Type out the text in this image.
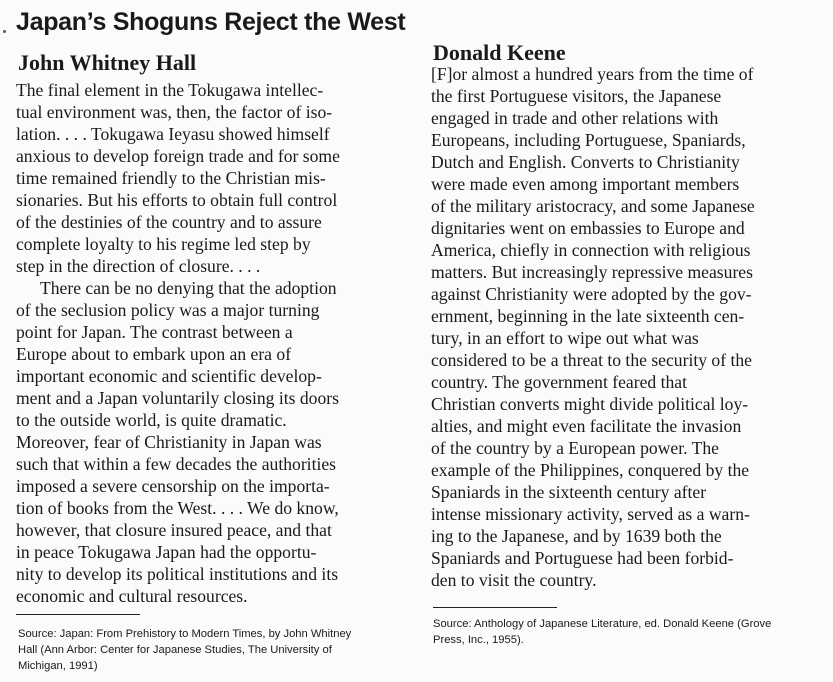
Japan’s Shoguns Reject the West
John Whitney Hall
The final element in the Tokugawa intellec-
tual environment was, then, the factor of iso-
lation. . . . Tokugawa Ieyasu showed himself
anxious to develop foreign trade and for some
time remained friendly to the Christian mis-
sionaries. But his efforts to obtain full control
of the destinies of the country and to assure
complete loyalty to his regime led step by
step in the direction of closure. . . .
There can be no denying that the adoption
of the seclusion policy was a major turning
point for Japan. The contrast between a
Europe about to embark upon an era of
important economic and scientific develop-
ment and a Japan voluntarily closing its doors
to the outside world, is quite dramatic.
Moreover, fear of Christianity in Japan was
such that within a few decades the authorities
imposed a severe censorship on the importa-
tion of books from the West. . . . We do know,
however, that closure insured peace, and that
in peace Tokugawa Japan had the opportu-
nity to develop its political institutions and its
economic and cultural resources.
Source: Japan: From Prehistory to Modern Times, by John Whitney
Hall (Ann Arbor: Center for Japanese Studies, The University of
Michigan, 1991)
Donald Keene
[F]or almost a hundred years from the time of
the first Portuguese visitors, the Japanese
engaged in trade and other relations with
Europeans, including Portuguese, Spaniards,
Dutch and English. Converts to Christianity
were made even among important members
of the military aristocracy, and some Japanese
dignitaries went on embassies to Europe and
America, chiefly in connection with religious
matters. But increasingly repressive measures
against Christianity were adopted by the gov-
ernment, beginning in the late sixteenth cen-
tury, in an effort to wipe out what was
considered to be a threat to the security of the
country. The government feared that
Christian converts might divide political loy-
alties, and might even facilitate the invasion
of the country by a European power. The
example of the Philippines, conquered by the
Spaniards in the sixteenth century after
intense missionary activity, served as a warn-
ing to the Japanese, and by 1639 both the
Spaniards and Portuguese had been forbid-
den to visit the country.
Source: Anthology of Japanese Literature, ed. Donald Keene (Grove
Press, Inc., 1955).
